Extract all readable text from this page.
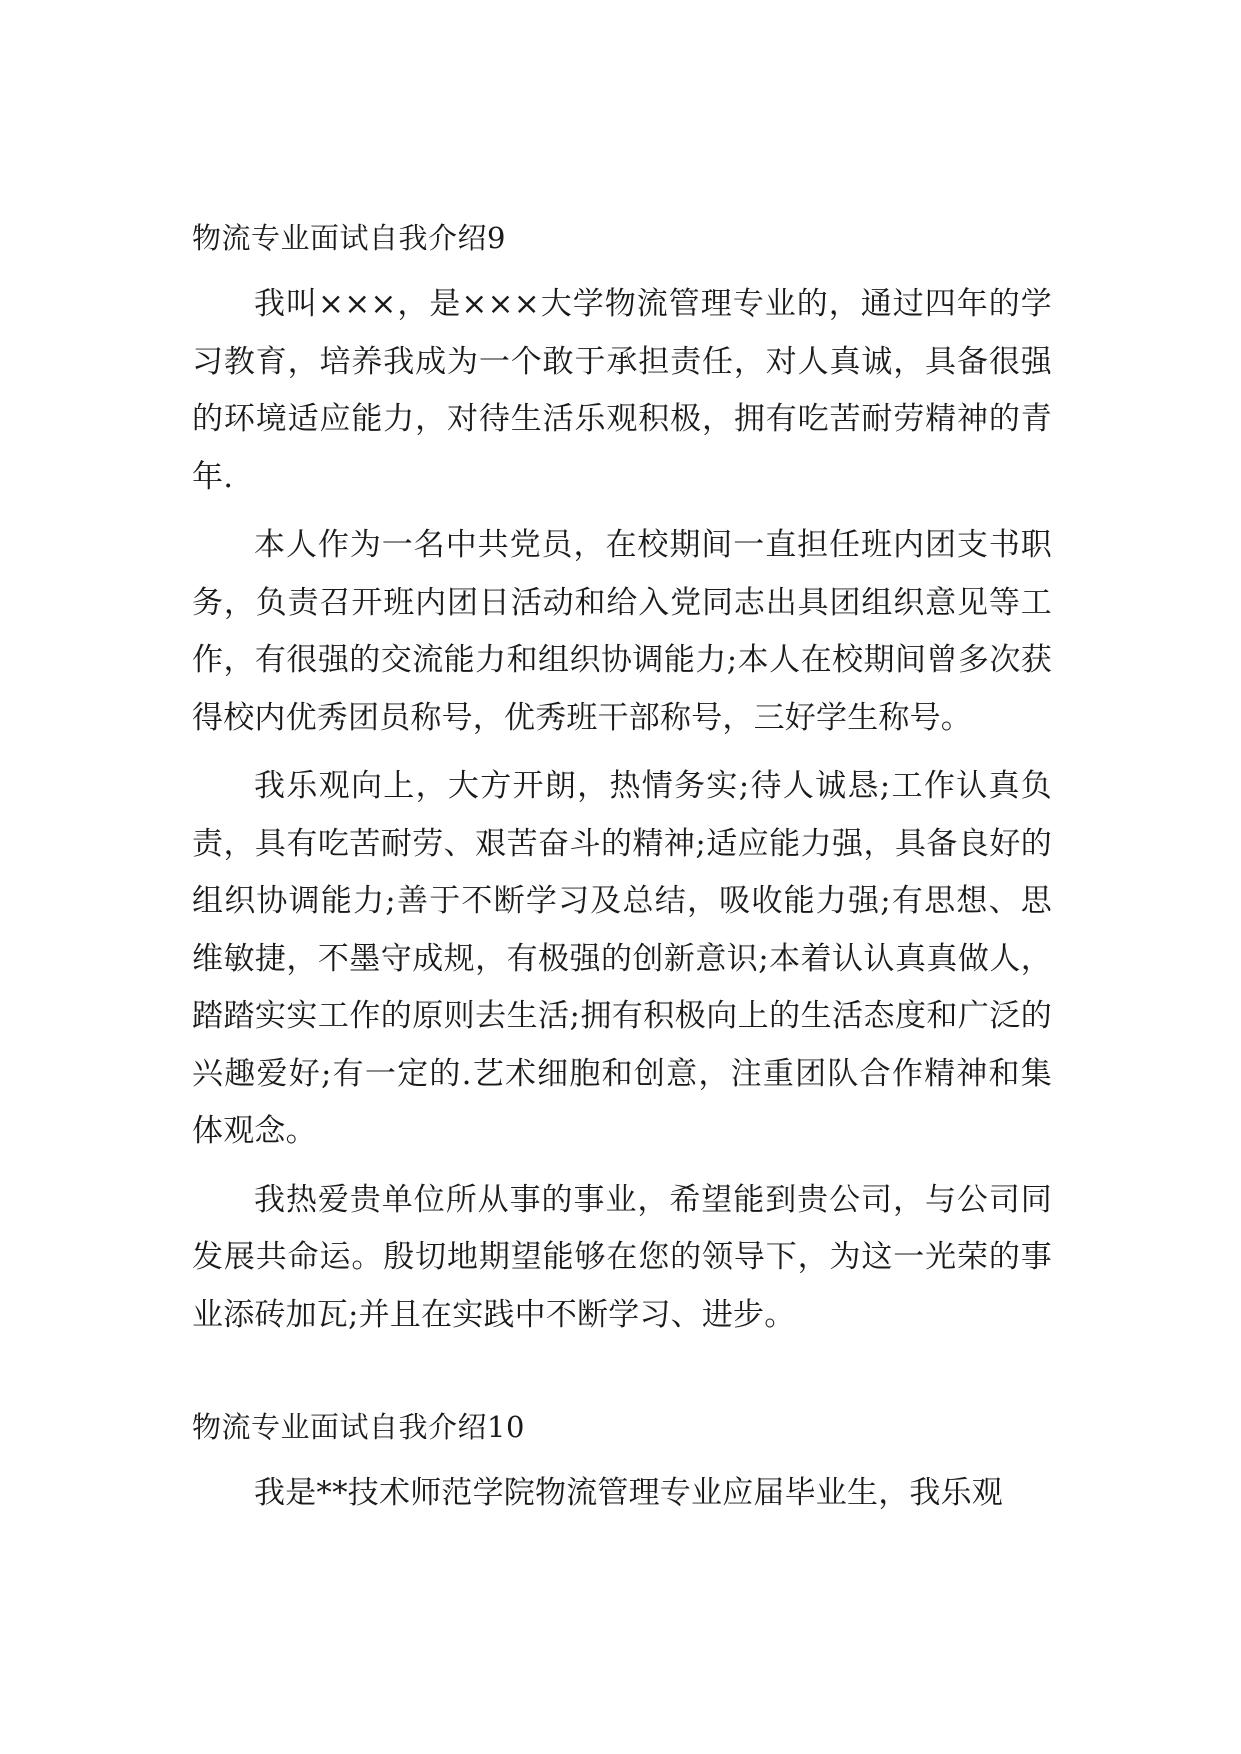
物流专业面试自我介绍9

我叫×××，是×××大学物流管理专业的，通过四年的学习教育，培养我成为一个敢于承担责任，对人真诚，具备很强的环境适应能力，对待生活乐观积极，拥有吃苦耐劳精神的青年.

本人作为一名中共党员，在校期间一直担任班内团支书职务，负责召开班内团日活动和给入党同志出具团组织意见等工作，有很强的交流能力和组织协调能力;本人在校期间曾多次获得校内优秀团员称号，优秀班干部称号，三好学生称号。

我乐观向上，大方开朗，热情务实;待人诚恳;工作认真负责，具有吃苦耐劳、艰苦奋斗的精神;适应能力强，具备良好的组织协调能力;善于不断学习及总结，吸收能力强;有思想、思维敏捷，不墨守成规，有极强的创新意识;本着认认真真做人，踏踏实实工作的原则去生活;拥有积极向上的生活态度和广泛的兴趣爱好;有一定的.艺术细胞和创意，注重团队合作精神和集体观念。

我热爱贵单位所从事的事业，希望能到贵公司，与公司同发展共命运。殷切地期望能够在您的领导下，为这一光荣的事业添砖加瓦;并且在实践中不断学习、进步。

物流专业面试自我介绍10

我是**技术师范学院物流管理专业应届毕业生，我乐观
